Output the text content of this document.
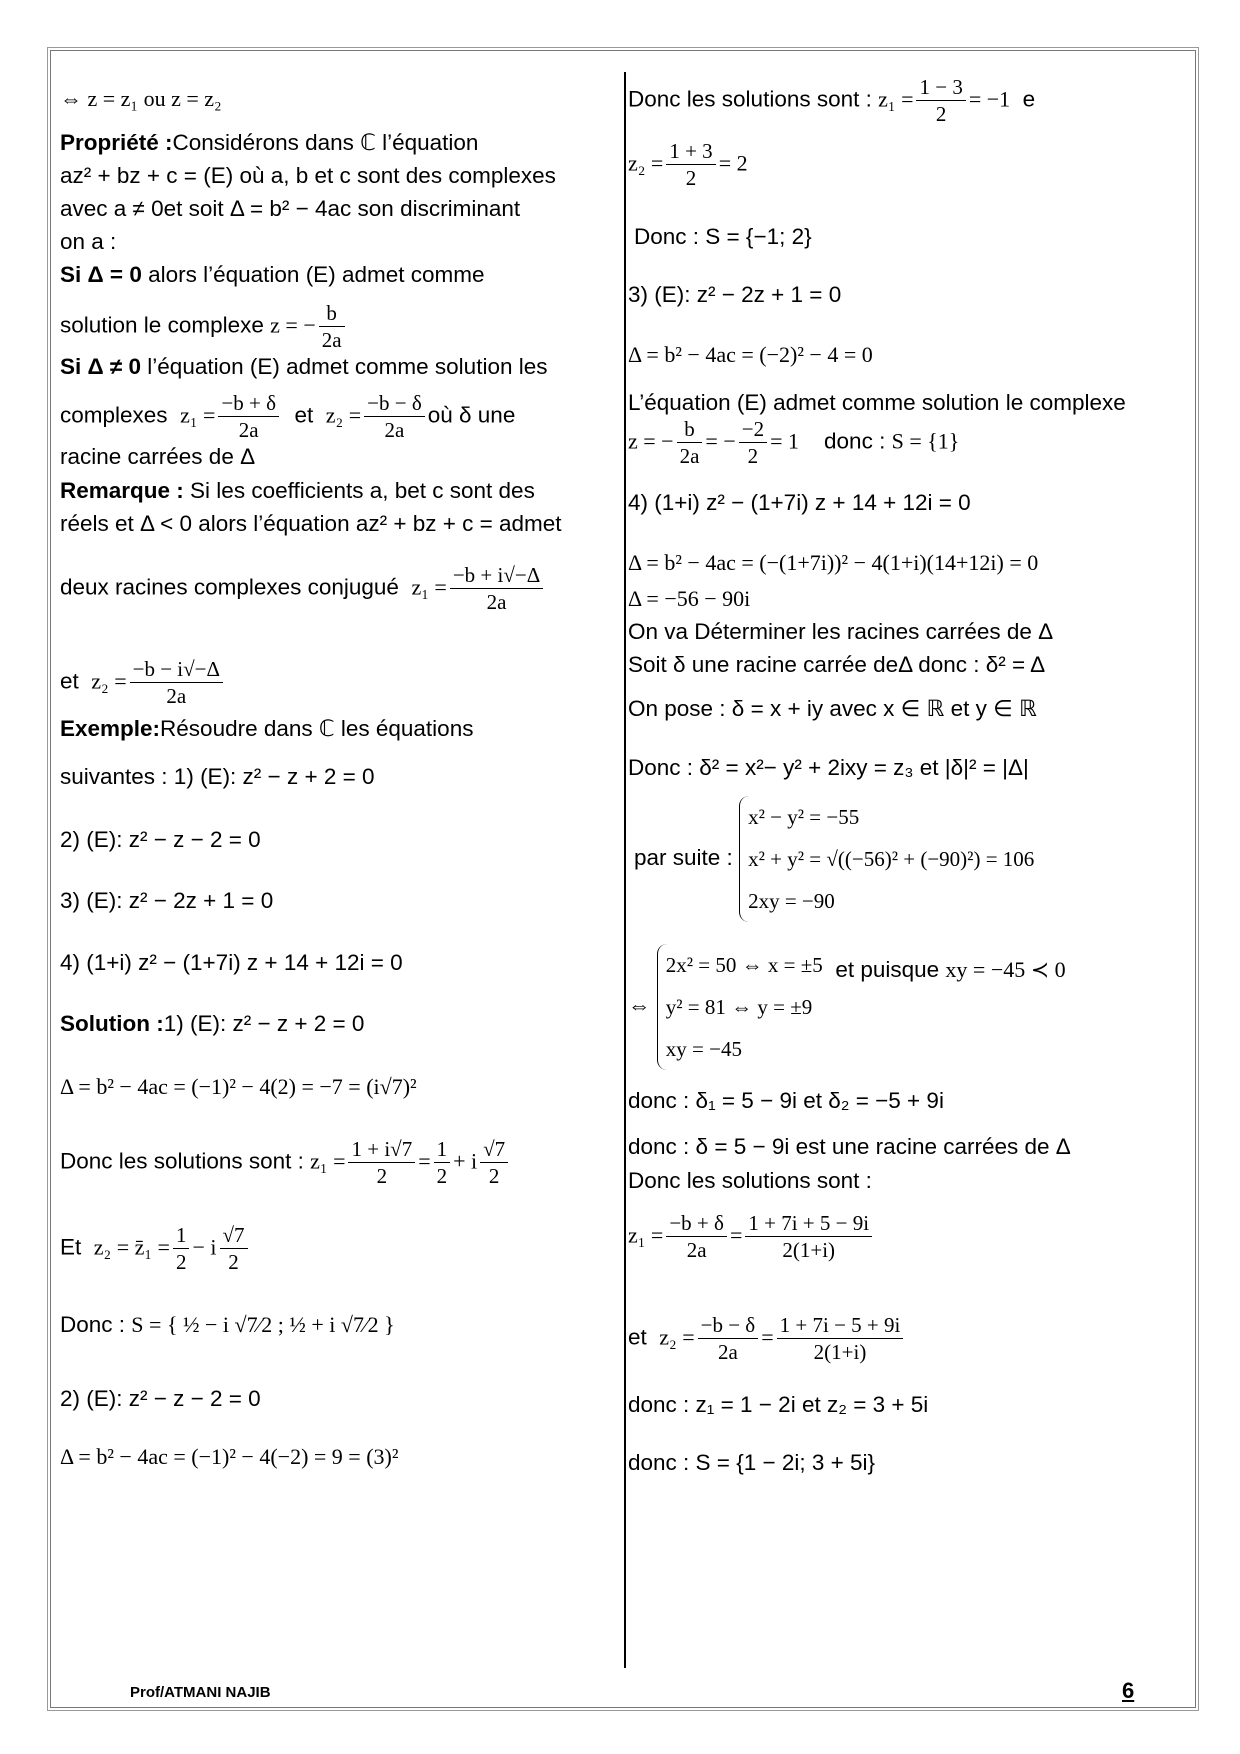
⇔ z = z₁ ou z = z₂
Propriété :Considérons dans ℂ l’équation
az² + bz + c = (E) où a, b et c sont des complexes
avec a ≠ 0et soit Δ = b² − 4ac son discriminant
on a :
Si Δ = 0 alors l’équation (E) admet comme
solution le complexe z = − $\frac{b}{2a}$
Si Δ ≠ 0 l’équation (E) admet comme solution les
complexes $z_1 = \frac{-b + \delta}{2a}$ et $z_2 = \frac{-b - \delta}{2a}$ où δ une
racine carrées de Δ
Remarque : Si les coefficients a, bet c sont des
réels et Δ < 0 alors l’équation az² + bz + c = admet
deux racines complexes conjugué $z_1 = \frac{-b + i√-\Delta}{2a}$
et $z_2 = \frac{-b - i√-\Delta}{2a}$
Exemple:Résoudre dans ℂ les équations
suivantes : 1) (E): z² − z + 2 = 0
2) (E): z² − z − 2 = 0
3) (E): z² − 2z + 1 = 0
4) (1+i) z² − (1+7i) z + 14 + 12i = 0
Solution :1) (E): z² − z + 2 = 0
Δ = b² − 4ac = (−1)² − 4(2) = −7 = (i√7)²
Donc les solutions sont : $z_1 = \frac{1 + i√7}{2} = \frac{1}{2} + i \frac{√7}{2}$
Et z₂ = z̄₁ = $\frac{1}{2} - i \frac{√7}{2}$
Donc : S = { ½ − i √7⁄2 ; ½ + i √7⁄2 }
2) (E): z² − z − 2 = 0
Δ = b² − 4ac = (−1)² − 4(−2) = 9 = (3)²
Donc les solutions sont : $z_1 = \frac{1 - 3}{2} = -1$ e
$z_2 = \frac{1 + 3}{2} = 2$
Donc : S = {−1; 2}
3) (E): z² − 2z + 1 = 0
Δ = b² − 4ac = (−2)² − 4 = 0
L’équation (E) admet comme solution le complexe
z = − $\frac{b}{2a}$ = − $\frac{-2}{2} = 1$ donc : S = {1}
4) (1+i) z² − (1+7i) z + 14 + 12i = 0
Δ = b² − 4ac = (−(1+7i))² − 4(1+i)(14+12i) = 0
Δ = −56 − 90i
On va Déterminer les racines carrées de Δ
Soit δ une racine carrée deΔ donc : δ² = Δ
On pose : δ = x + iy avec x ∈ ℝ et y ∈ ℝ
Donc : δ² = x²− y² + 2ixy = z₃ et |δ|² = |Δ|
par suite :
x² − y² = −55
x² + y² = √((−56)² + (−90)²) = 106
2xy = −90
⇔
2x² = 50 ⇔ x = ±5
y² = 81 ⇔ y = ±9
xy = −45
et puisque xy = −45 ≺ 0
donc : δ₁ = 5 − 9i et δ₂ = −5 + 9i
donc : δ = 5 − 9i est une racine carrées de Δ
Donc les solutions sont :
$z_1 = \frac{-b + \delta}{2a} = \frac{1 + 7i + 5 - 9i}{2(1+i)}$
et $z_2 = \frac{-b - \delta}{2a} = \frac{1 + 7i - 5 + 9i}{2(1+i)}$
donc : z₁ = 1 − 2i et z₂ = 3 + 5i
donc : S = {1 − 2i; 3 + 5i}
Prof/ATMANI NAJIB	6
